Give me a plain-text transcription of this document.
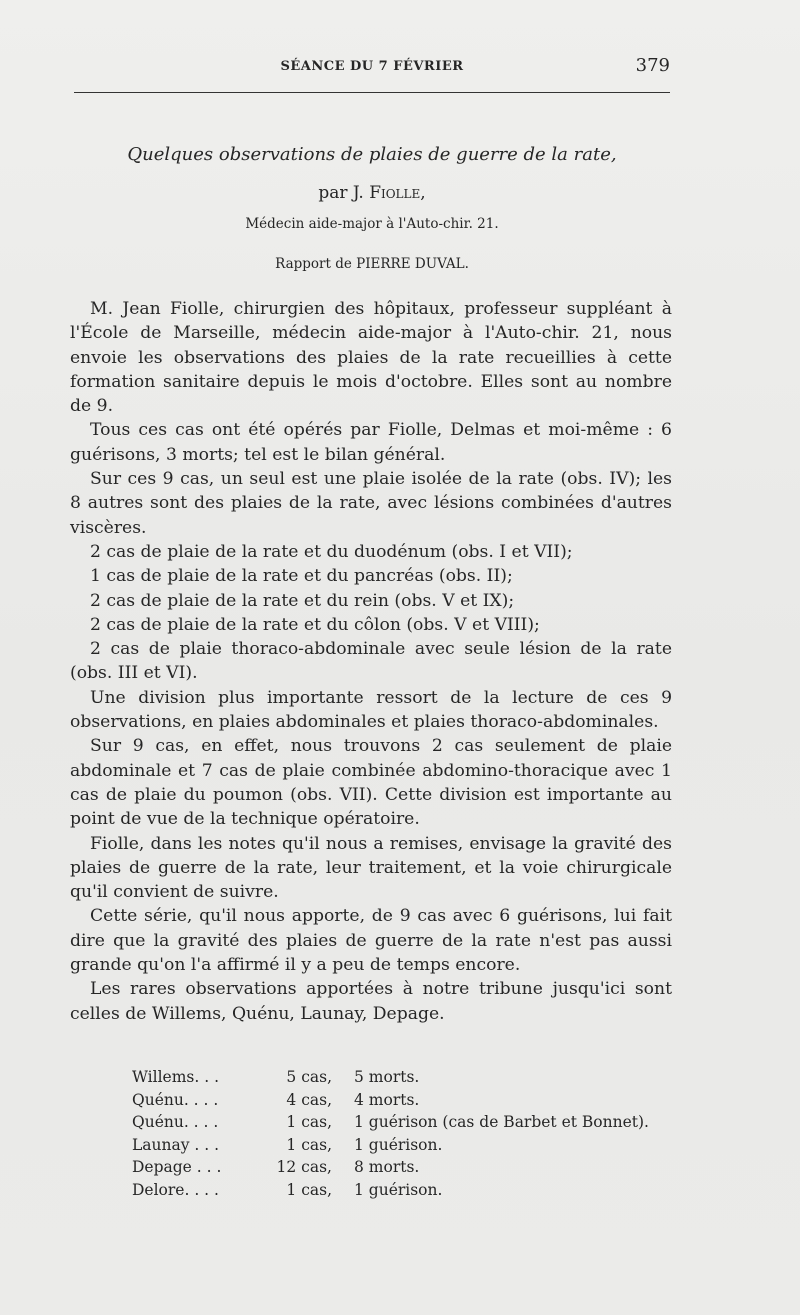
SÉANCE DU 7 FÉVRIER	379
Quelques observations de plaies de guerre de la rate,
par J. Fiolle,
Médecin aide-major à l'Auto-chir. 21.
Rapport de PIERRE DUVAL.

M. Jean Fiolle, chirurgien des hôpitaux, professeur suppléant à l'École de Marseille, médecin aide-major à l'Auto-chir. 21, nous envoie les observations des plaies de la rate recueillies à cette formation sanitaire depuis le mois d'octobre. Elles sont au nombre de 9.

Tous ces cas ont été opérés par Fiolle, Delmas et moi-même : 6 guérisons, 3 morts; tel est le bilan général.

Sur ces 9 cas, un seul est une plaie isolée de la rate (obs. IV); les 8 autres sont des plaies de la rate, avec lésions combinées d'autres viscères.

2 cas de plaie de la rate et du duodénum (obs. I et VII);

1 cas de plaie de la rate et du pancréas (obs. II);

2 cas de plaie de la rate et du rein (obs. V et IX);

2 cas de plaie de la rate et du côlon (obs. V et VIII);

2 cas de plaie thoraco-abdominale avec seule lésion de la rate (obs. III et VI).

Une division plus importante ressort de la lecture de ces 9 observations, en plaies abdominales et plaies thoraco-abdominales.

Sur 9 cas, en effet, nous trouvons 2 cas seulement de plaie abdominale et 7 cas de plaie combinée abdomino-thoracique avec 1 cas de plaie du poumon (obs. VII). Cette division est importante au point de vue de la technique opératoire.

Fiolle, dans les notes qu'il nous a remises, envisage la gravité des plaies de guerre de la rate, leur traitement, et la voie chirurgicale qu'il convient de suivre.

Cette série, qu'il nous apporte, de 9 cas avec 6 guérisons, lui fait dire que la gravité des plaies de guerre de la rate n'est pas aussi grande qu'on l'a affirmé il y a peu de temps encore.

Les rares observations apportées à notre tribune jusqu'ici sont celles de Willems, Quénu, Launay, Depage.

Willems. . .	5 cas, 5 morts.
Quénu. . . .	4 cas, 4 morts.
Quénu. . . .	1 cas, 1 guérison (cas de Barbet et Bonnet).
Launay . . .	1 cas, 1 guérison.
Depage . . .	12 cas, 8 morts.
Delore. . . .	1 cas, 1 guérison.
